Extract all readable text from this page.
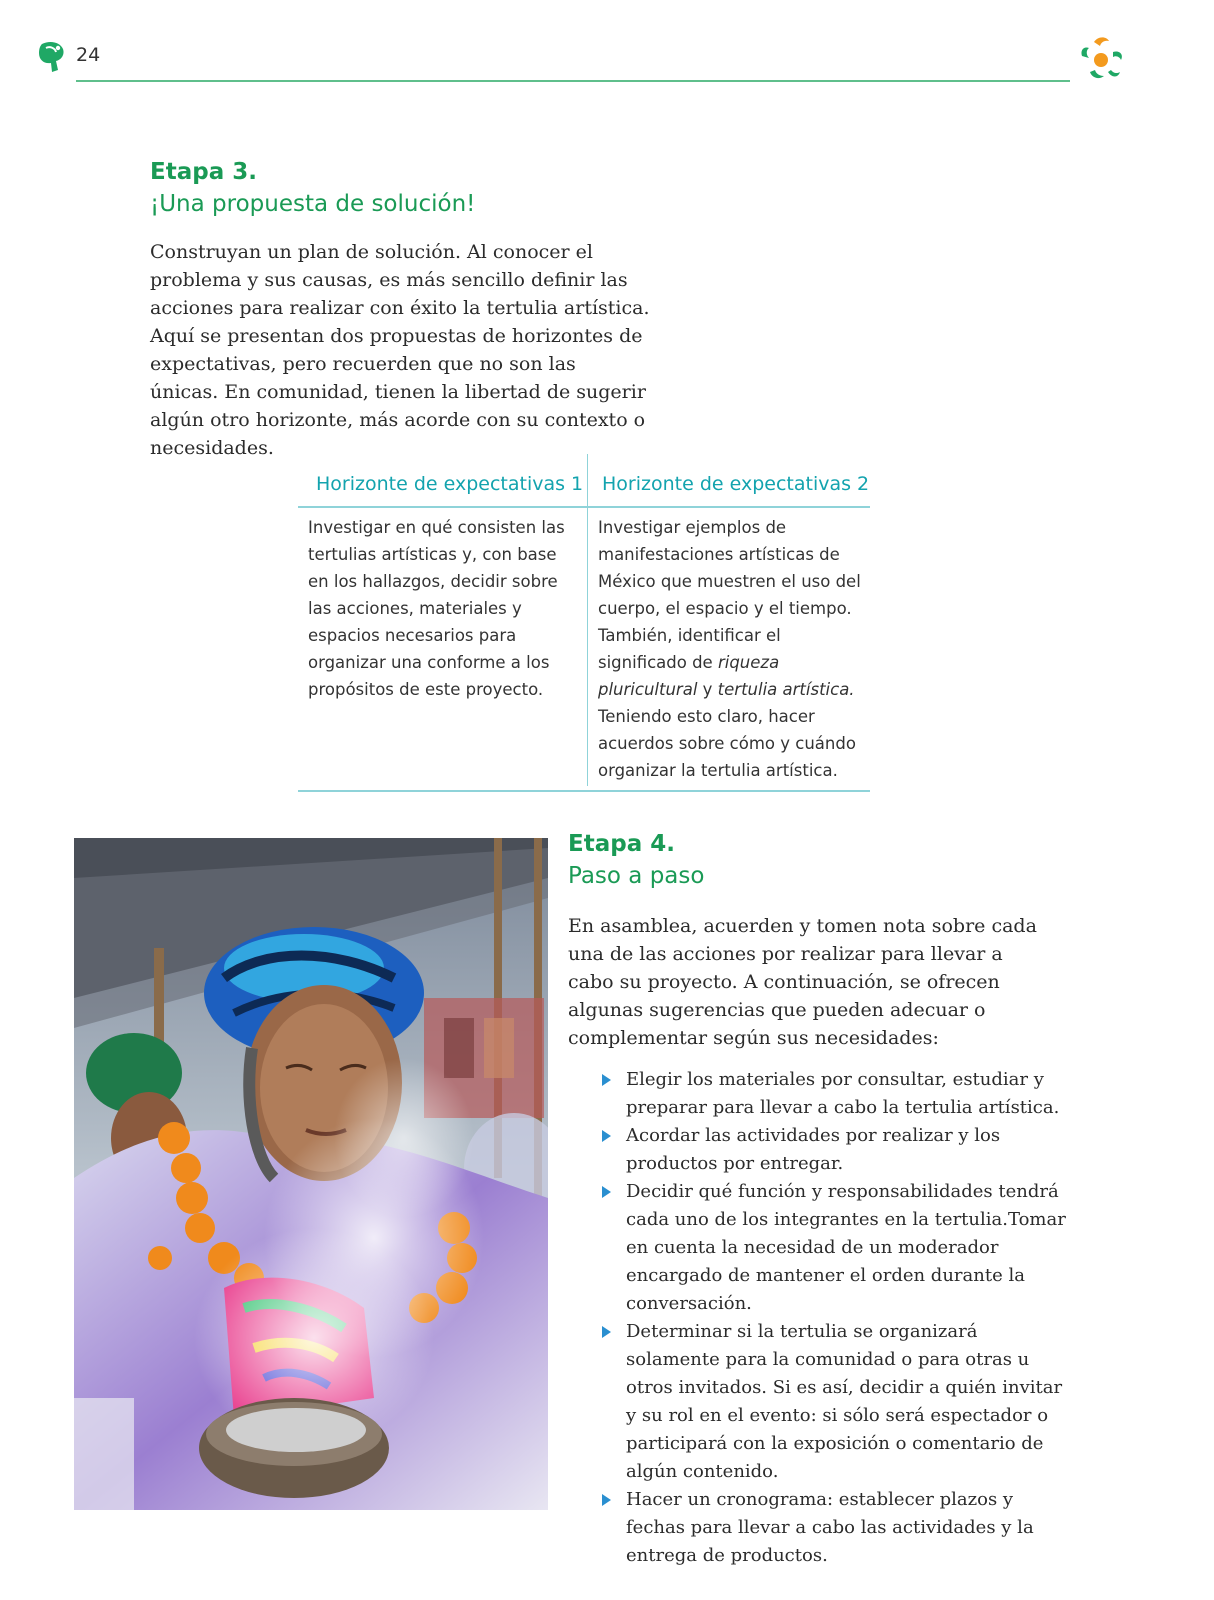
24
Etapa 3.
¡Una propuesta de solución!

Construyan un plan de solución. Al conocer el problema y sus causas, es más sencillo definir las acciones para realizar con éxito la tertulia artística. Aquí se presentan dos propuestas de horizontes de expectativas, pero recuerden que no son las únicas. En comunidad, tienen la libertad de sugerir algún otro horizonte, más acorde con su contexto o necesidades.

Horizonte de expectativas 1 Horizonte de expectativas 2
Investigar en qué consisten las tertulias artísticas y, con base en los hallazgos, decidir sobre las acciones, materiales y espacios necesarios para organizar una conforme a los propósitos de este proyecto.
Investigar ejemplos de manifestaciones artísticas de México que muestren el uso del cuerpo, el espacio y el tiempo. También, identificar el significado de riqueza pluricultural y tertulia artística. Teniendo esto claro, hacer acuerdos sobre cómo y cuándo organizar la tertulia artística.
Etapa 4.
Paso a paso

En asamblea, acuerden y tomen nota sobre cada una de las acciones por realizar para llevar a cabo su proyecto. A continuación, se ofrecen algunas sugerencias que pueden adecuar o complementar según sus necesidades:

Elegir los materiales por consultar, estudiar y preparar para llevar a cabo la tertulia artística.
Acordar las actividades por realizar y los productos por entregar.
Decidir qué función y responsabilidades tendrá cada uno de los integrantes en la tertulia.Tomar en cuenta la necesidad de un moderador encargado de mantener el orden durante la conversación.
Determinar si la tertulia se organizará solamente para la comunidad o para otras u otros invitados. Si es así, decidir a quién invitar y su rol en el evento: si sólo será espectador o participará con la exposición o comentario de algún contenido.
Hacer un cronograma: establecer plazos y fechas para llevar a cabo las actividades y la entrega de productos.
